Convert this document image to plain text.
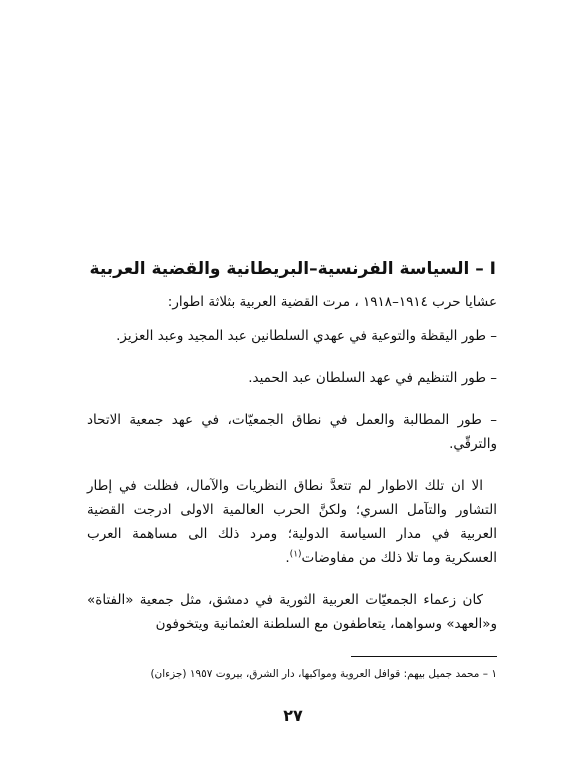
I – السياسة الفرنسية–البريطانية والقضية العربية

عشايا حرب ١٩١٤–١٩١٨ ، مرت القضية العربية بثلاثة اطوار:

– طور اليقظة والتوعية في عهدي السلطانين عبد المجيد وعبد العزيز.

– طور التنظيم في عهد السلطان عبد الحميد.

– طور المطالبة والعمل في نطاق الجمعيّات، في عهد جمعية الاتحاد والترقّي.

الا ان تلك الاطوار لم تتعدَّ نطاق النظريات والآمال، فظلت في إطار التشاور والتآمل السري؛ ولكنَّ الحرب العالمية الاولى ادرجت القضية العربية في مدار السياسة الدولية؛ ومرد ذلك الى مساهمة العرب العسكرية وما تلا ذلك من مفاوضات$^{(١)}$.

كان زعماء الجمعيّات العربية الثورية في دمشق، مثل جمعية «الفتاة» و«العهد» وسواهما، يتعاطفون مع السلطنة العثمانية ويتخوفون

١ – محمد جميل بيهم: قوافل العروبة ومواكبها، دار الشرق، بيروت ١٩٥٧ (جزءان)
٢٧
